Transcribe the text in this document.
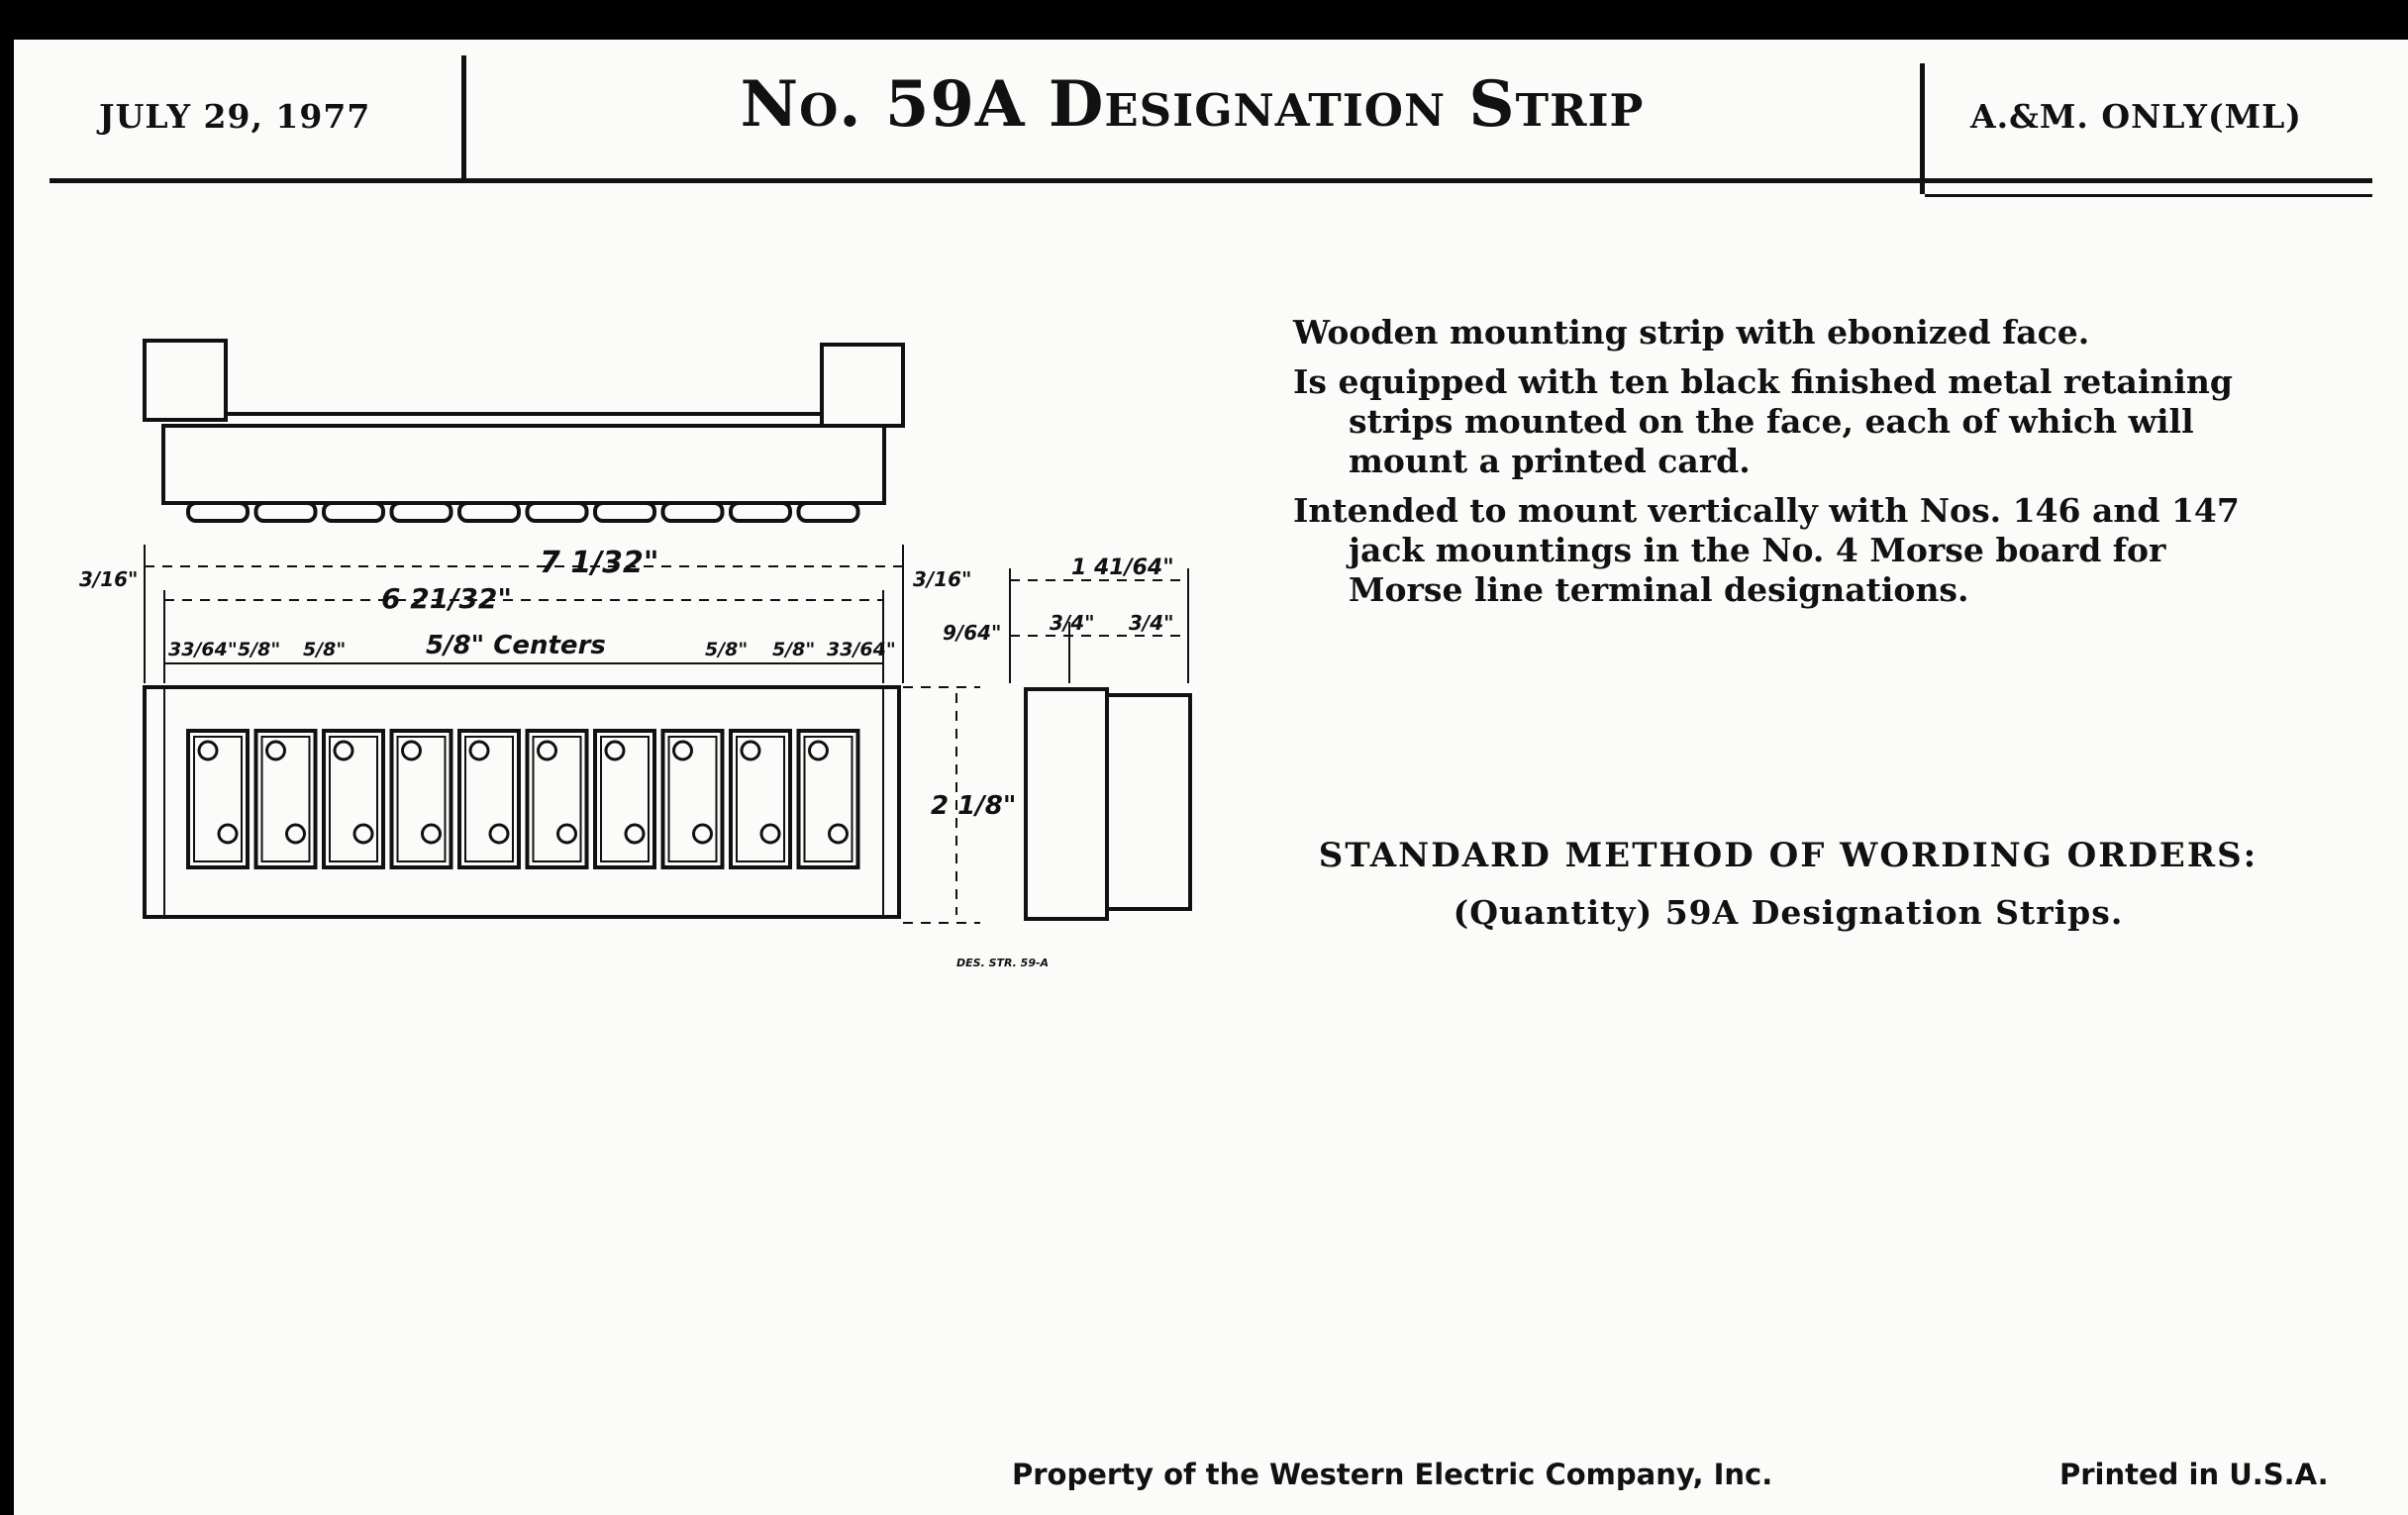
JULY 29, 1977	No. 59A Designation Strip	A.&M. ONLY(ML)
7 1/32"
6 21/32"
3/16"	3/16"
33/64" 5/8" 5/8"	5/8" Centers	5/8" 5/8" 33/64"
2 1/8"
1 41/64"
9/64" 3/4" 3/4"
DES. STR. 59-A

Wooden mounting strip with ebonized face.

Is equipped with ten black finished metal retaining strips mounted on the face, each of which will mount a printed card.

Intended to mount vertically with Nos. 146 and 147 jack mountings in the No. 4 Morse board for Morse line terminal designations.

STANDARD METHOD OF WORDING ORDERS:
(Quantity) 59A Designation Strips.
Property of the Western Electric Company, Inc.	Printed in U.S.A.
